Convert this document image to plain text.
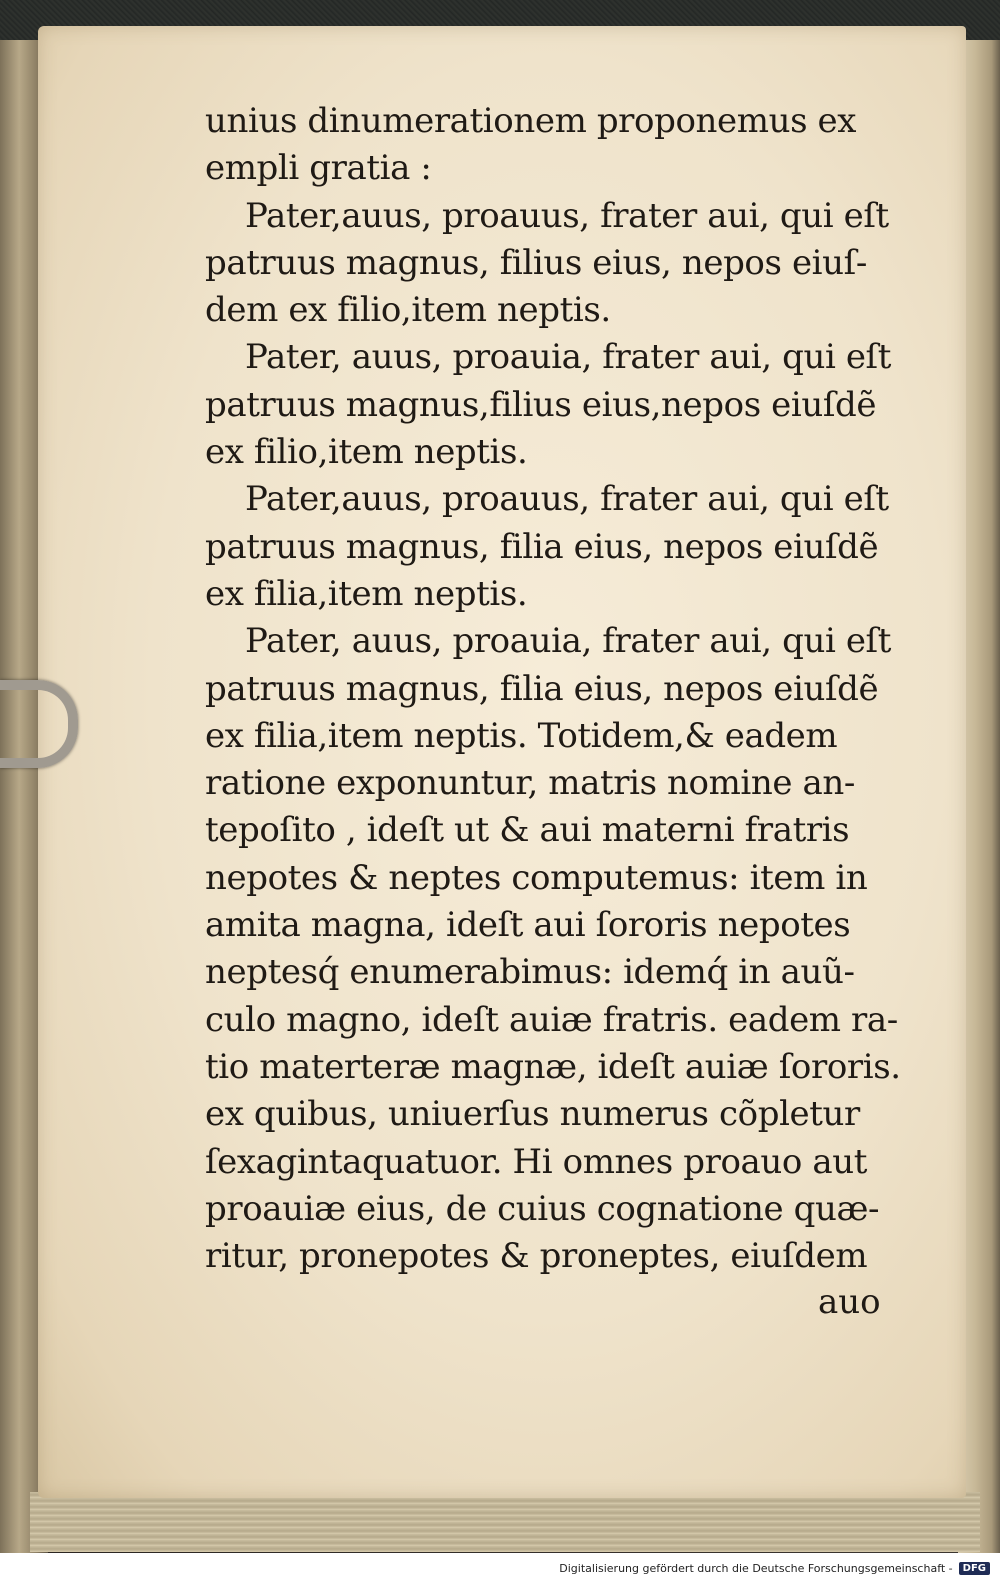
unius dinumerationem proponemus ex
empli gratia :
Pater,auus, proauus, frater aui, qui eſt
patruus magnus, filius eius, nepos eiuſ-
dem ex filio,item neptis.
Pater, auus, proauia, frater aui, qui eſt
patruus magnus,filius eius,nepos eiuſdẽ
ex filio,item neptis.
Pater,auus, proauus, frater aui, qui eſt
patruus magnus, filia eius, nepos eiuſdẽ
ex filia,item neptis.
Pater, auus, proauia, frater aui, qui eſt
patruus magnus, filia eius, nepos eiuſdẽ
ex filia,item neptis. Totidem,& eadem
ratione exponuntur, matris nomine an-
tepoſito , ideſt ut & aui materni fratris
nepotes & neptes computemus: item in
amita magna, ideſt aui ſororis nepotes
neptesq́ enumerabimus: idemq́ in auũ-
culo magno, ideſt auiæ fratris. eadem ra-
tio materteræ magnæ, ideſt auiæ ſororis.
ex quibus, uniuerſus numerus cõpletur
ſexagintaquatuor. Hi omnes proauo aut
proauiæ eius, de cuius cognatione quæ-
ritur, pronepotes & proneptes, eiuſdem
auo
Digitalisierung gefördert durch die Deutsche Forschungsgemeinschaft -	DFG
